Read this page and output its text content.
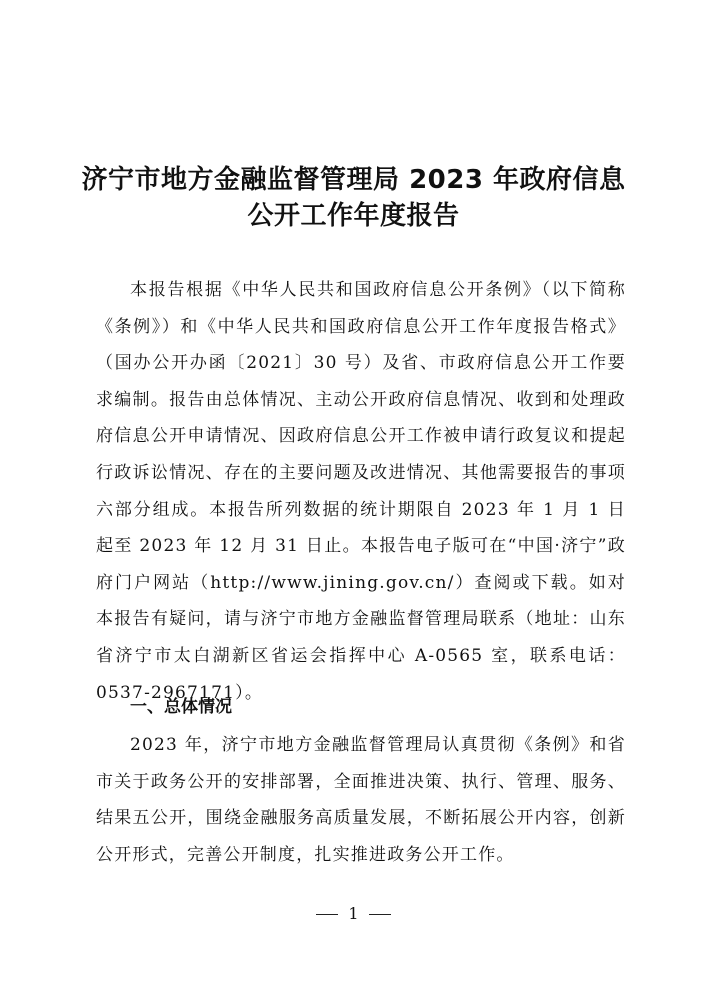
济宁市地方金融监督管理局 2023 年政府信息
公开工作年度报告

本报告根据《中华人民共和国政府信息公开条例》（以下简称《条例》）和《中华人民共和国政府信息公开工作年度报告格式》（国办公开办函〔2021〕30 号）及省、市政府信息公开工作要求编制。报告由总体情况、主动公开政府信息情况、收到和处理政府信息公开申请情况、因政府信息公开工作被申请行政复议和提起行政诉讼情况、存在的主要问题及改进情况、其他需要报告的事项六部分组成。本报告所列数据的统计期限自 2023 年 1 月 1 日起至 2023 年 12 月 31 日止。本报告电子版可在“中国·济宁”政府门户网站（http://www.jining.gov.cn/）查阅或下载。如对本报告有疑问，请与济宁市地方金融监督管理局联系（地址：山东省济宁市太白湖新区省运会指挥中心 A-0565 室，联系电话：0537-2967171）。

一、总体情况

2023 年，济宁市地方金融监督管理局认真贯彻《条例》和省市关于政务公开的安排部署，全面推进决策、执行、管理、服务、结果五公开，围绕金融服务高质量发展，不断拓展公开内容，创新公开形式，完善公开制度，扎实推进政务公开工作。

1
